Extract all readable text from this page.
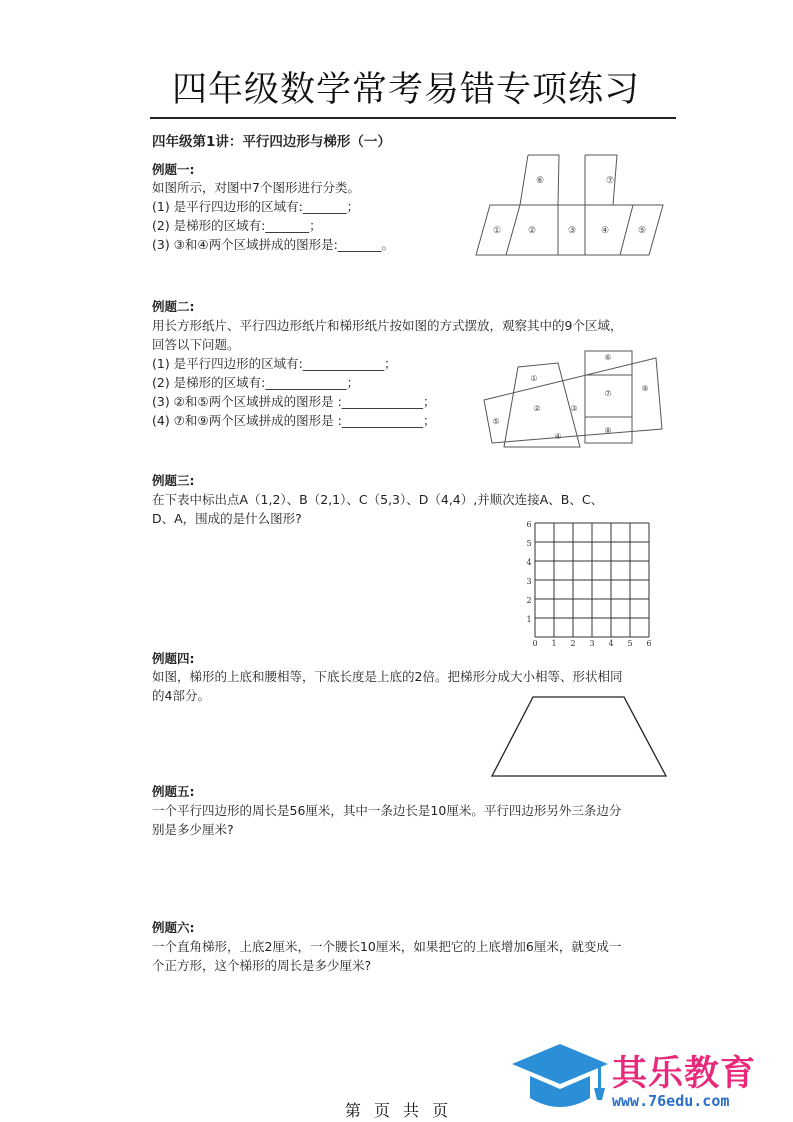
四年级数学常考易错专项练习
四年级第1讲：平行四边形与梯形（一）
例题一:
如图所示，对图中7个图形进行分类。
(1) 是平行四边形的区域有:_______；
(2) 是梯形的区域有:_______；
(3) ③和④两个区域拼成的图形是:_______。
①	②	③	④	⑤
⑥	⑦
例题二:
用长方形纸片、平行四边形纸片和梯形纸片按如图的方式摆放，观察其中的9个区域，
回答以下问题。
(1) 是平行四边形的区域有:_____________；
(2) 是梯形的区域有:_____________；
(3) ②和⑤两个区域拼成的图形是 :_____________；
(4) ⑦和⑨两个区域拼成的图形是 :_____________；
①
②	③
④
⑤
⑥
⑦
⑧
⑨
例题三:
在下表中标出点A（1,2）、B（2,1）、C（5,3）、D（4,4）,并顺次连接A、B、C、
D、A，围成的是什么图形?
0 1 2 3 4 5 6
1
2
3
4
5
6
例题四:
如图，梯形的上底和腰相等，下底长度是上底的2倍。把梯形分成大小相等、形状相同
的4部分。
例题五:
一个平行四边形的周长是56厘米，其中一条边长是10厘米。平行四边形另外三条边分
别是多少厘米?
例题六:
一个直角梯形，上底2厘米，一个腰长10厘米，如果把它的上底增加6厘米，就变成一
个正方形，这个梯形的周长是多少厘米?
第 页 共 页
其乐教育
www.76edu.com
